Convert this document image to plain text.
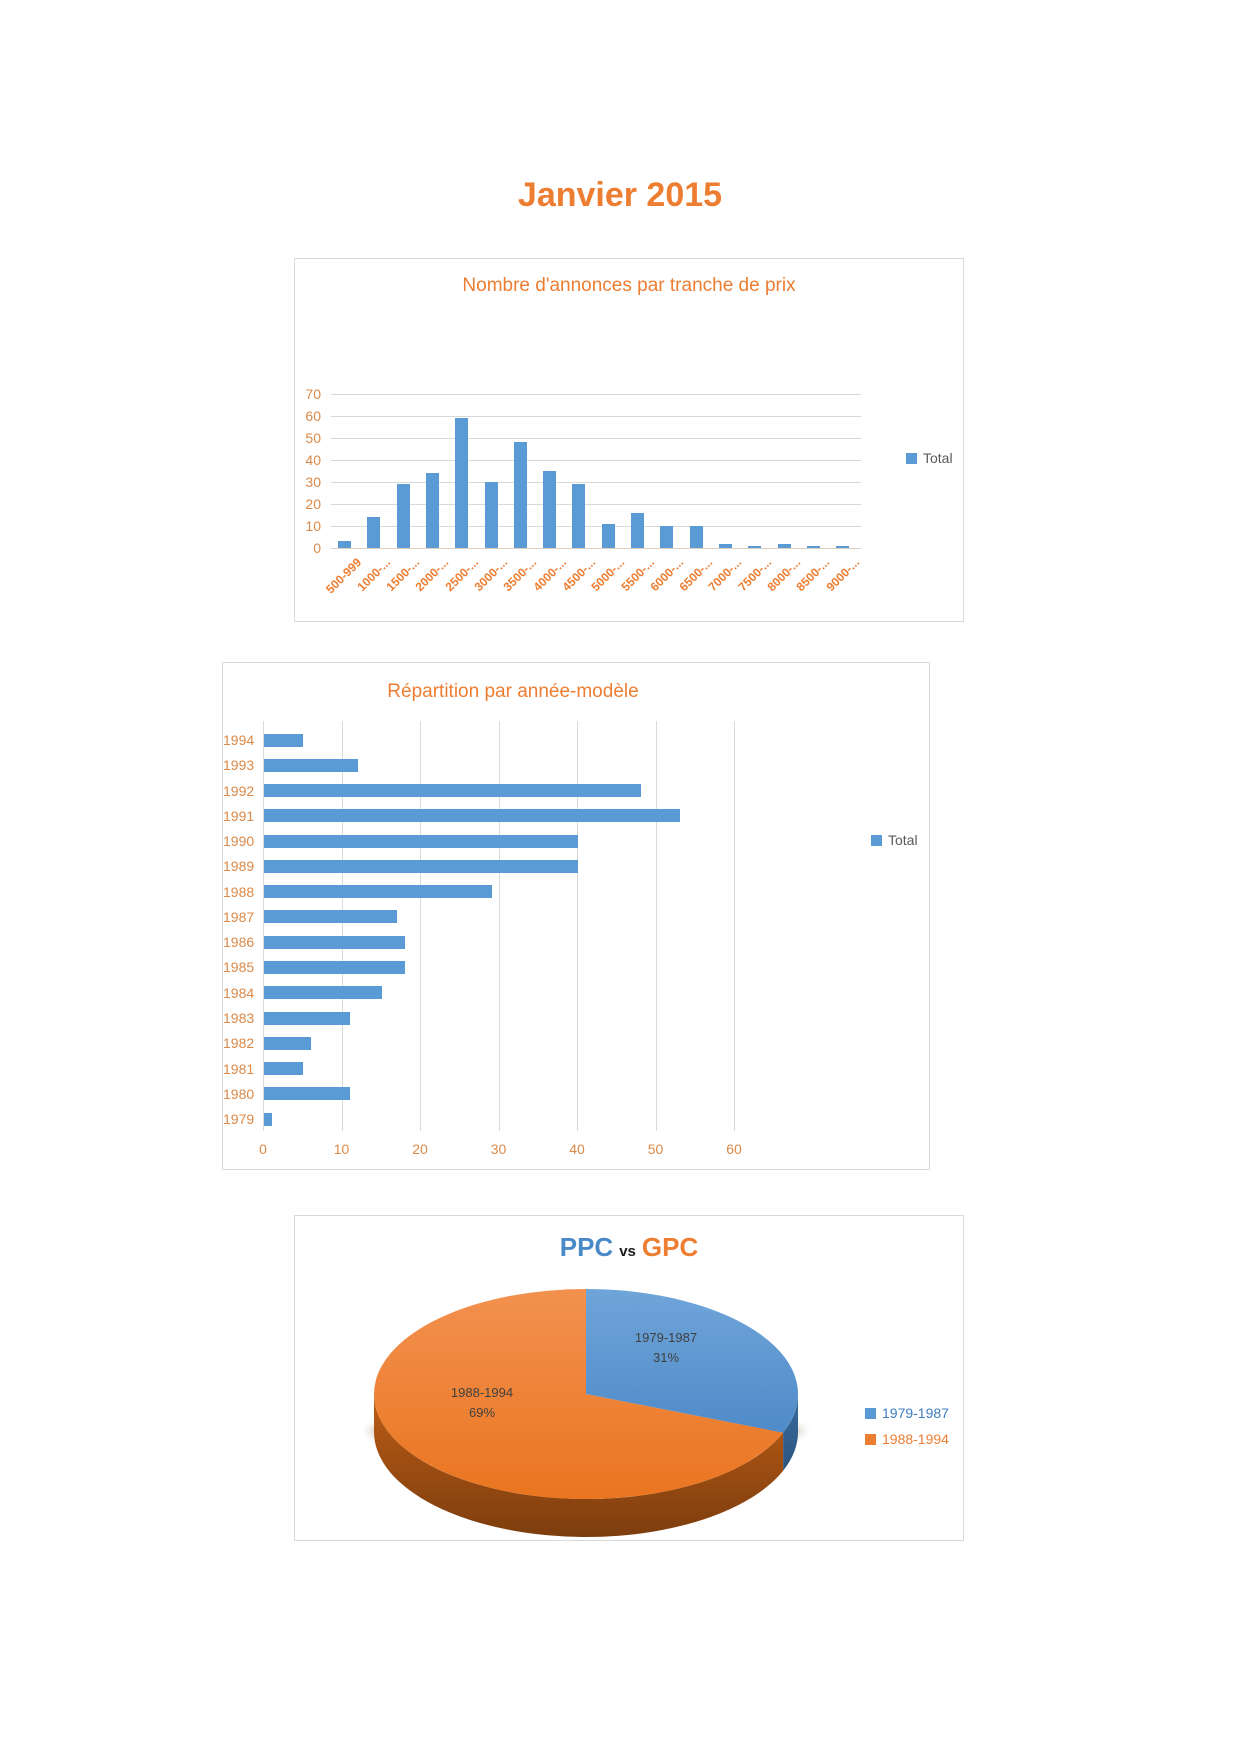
Janvier 2015
Nombre d'annonces par tranche de prix
0
10
20
30
40
50
60
70
500-999
1000-...
1500-...
2000-...
2500-...
3000-...
3500-...
4000-...
4500-...
5000-...
5500-...
6000-...
6500-...
7000-...
7500-...
8000-...
8500-...
9000-...
Total
Répartition par année-modèle
0	10	20	30	40	50	60
1994
1993
1992
1991
1990
1989
1988
1987
1986
1985
1984
1983
1982
1981
1980
1979
Total
PPC vs GPC
1979-1987
31%
1988-1994
69%	1979-1987
1988-1994
